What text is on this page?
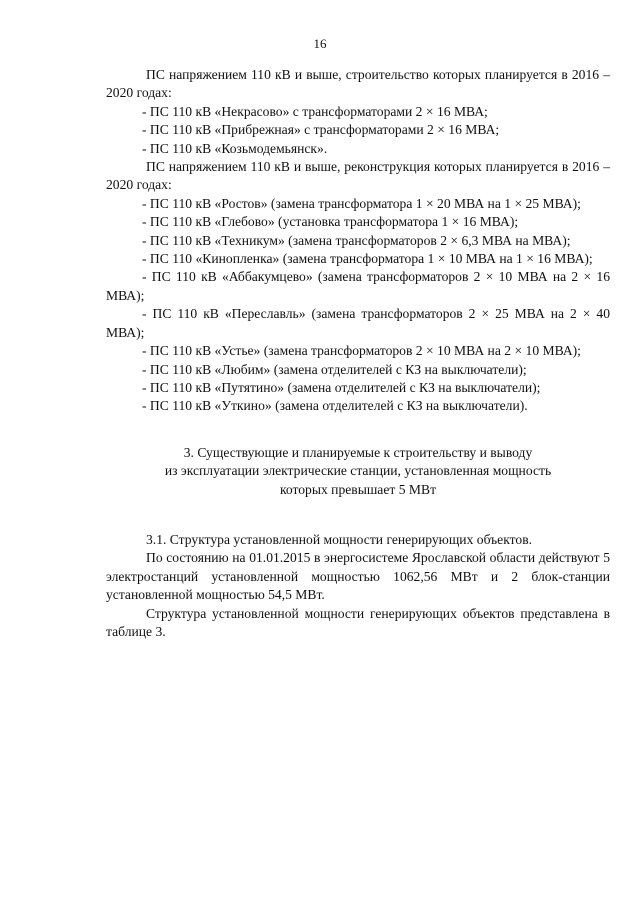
16

ПС напряжением 110 кВ и выше, строительство которых планируется в 2016 – 2020 годах:

- ПС 110 кВ «Некрасово» с трансформаторами 2 × 16 МВА;

- ПС 110 кВ «Прибрежная» с трансформаторами 2 × 16 МВА;

- ПС 110 кВ «Козьмодемьянск».

ПС напряжением 110 кВ и выше, реконструкция которых планируется в 2016 – 2020 годах:

- ПС 110 кВ «Ростов» (замена трансформатора 1 × 20 МВА на 1 × 25 МВА);

- ПС 110 кВ «Глебово» (установка трансформатора 1 × 16 МВА);

- ПС 110 кВ «Техникум» (замена трансформаторов 2 × 6,3 МВА на МВА);

- ПС 110 «Кинопленка» (замена трансформатора 1 × 10 МВА на 1 × 16 МВА);

- ПС 110 кВ «Аббакумцево» (замена трансформаторов 2 × 10 МВА на 2 × 16 МВА);

- ПС 110 кВ «Переславль» (замена трансформаторов 2 × 25 МВА на 2 × 40 МВА);

- ПС 110 кВ «Устье» (замена трансформаторов 2 × 10 МВА на 2 × 10 МВА);

- ПС 110 кВ «Любим» (замена отделителей с КЗ на выключатели);

- ПС 110 кВ «Путятино» (замена отделителей с КЗ на выключатели);

- ПС 110 кВ «Уткино» (замена отделителей с КЗ на выключатели).

3. Существующие и планируемые к строительству и выводу
из эксплуатации электрические станции, установленная мощность
которых превышает 5 МВт

3.1. Структура установленной мощности генерирующих объектов.

По состоянию на 01.01.2015 в энергосистеме Ярославской области действуют 5 электростанций установленной мощностью 1062,56 МВт и 2 блок-станции установленной мощностью 54,5 МВт.

Структура установленной мощности генерирующих объектов представлена в таблице 3.
